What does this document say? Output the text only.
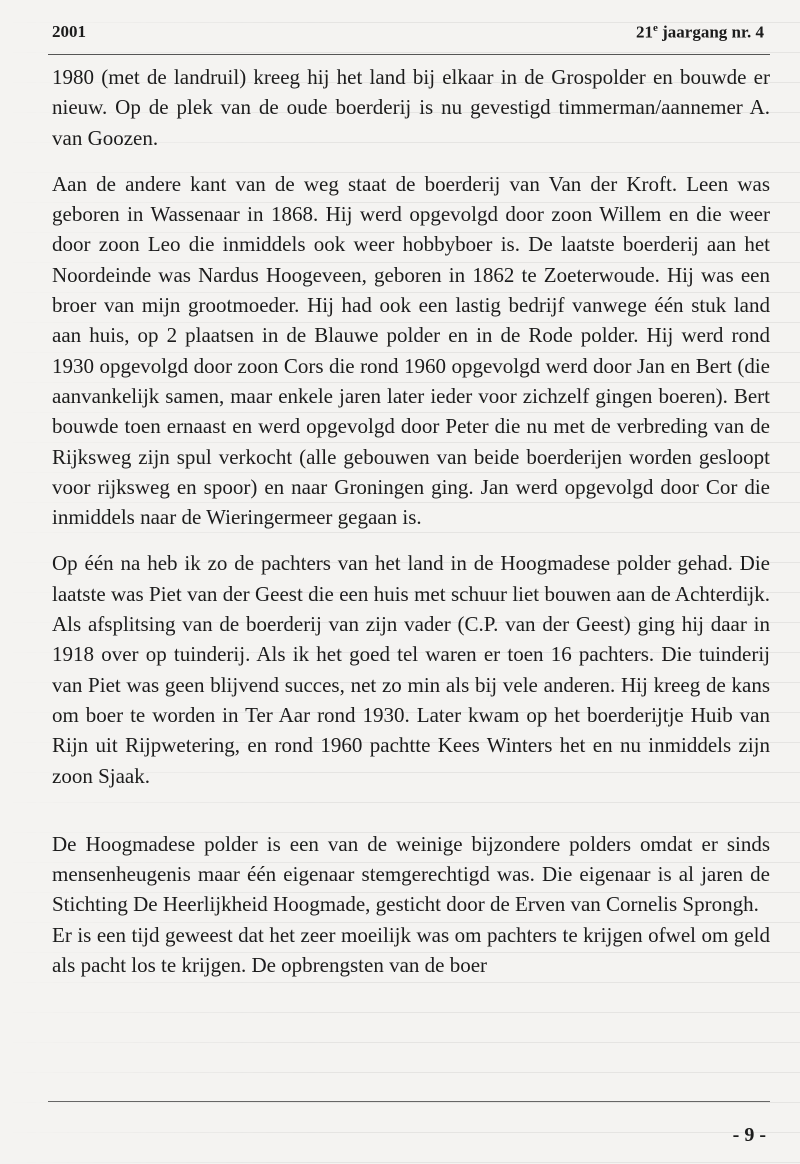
2001	21e jaargang nr. 4

1980 (met de landruil) kreeg hij het land bij elkaar in de Grospolder en bouwde er nieuw. Op de plek van de oude boerderij is nu gevestigd timmerman/aannemer A. van Goozen.

Aan de andere kant van de weg staat de boerderij van Van der Kroft. Leen was geboren in Wassenaar in 1868. Hij werd opgevolgd door zoon Willem en die weer door zoon Leo die inmiddels ook weer hobbyboer is. De laatste boerderij aan het Noordeinde was Nardus Hoogeveen, geboren in 1862 te Zoeterwoude. Hij was een broer van mijn grootmoeder. Hij had ook een lastig bedrijf vanwege één stuk land aan huis, op 2 plaatsen in de Blauwe polder en in de Rode polder. Hij werd rond 1930 opgevolgd door zoon Cors die rond 1960 opgevolgd werd door Jan en Bert (die aanvankelijk samen, maar enkele jaren later ieder voor zichzelf gingen boeren). Bert bouwde toen ernaast en werd opgevolgd door Peter die nu met de verbreding van de Rijksweg zijn spul verkocht (alle gebouwen van beide boerderijen worden gesloopt voor rijksweg en spoor) en naar Groningen ging. Jan werd opgevolgd door Cor die inmiddels naar de Wieringermeer gegaan is.

Op één na heb ik zo de pachters van het land in de Hoogmadese polder gehad. Die laatste was Piet van der Geest die een huis met schuur liet bouwen aan de Achterdijk. Als afsplitsing van de boerderij van zijn vader (C.P. van der Geest) ging hij daar in 1918 over op tuinderij. Als ik het goed tel waren er toen 16 pachters. Die tuinderij van Piet was geen blijvend succes, net zo min als bij vele anderen. Hij kreeg de kans om boer te worden in Ter Aar rond 1930. Later kwam op het boerderijtje Huib van Rijn uit Rijpwetering, en rond 1960 pachtte Kees Winters het en nu inmiddels zijn zoon Sjaak.

De Hoogmadese polder is een van de weinige bijzondere polders omdat er sinds mensenheugenis maar één eigenaar stemgerechtigd was. Die eigenaar is al jaren de Stichting De Heerlijkheid Hoogmade, gesticht door de Erven van Cornelis Sprongh.

Er is een tijd geweest dat het zeer moeilijk was om pachters te krijgen ofwel om geld als pacht los te krijgen. De opbrengsten van de boer

- 9 -
